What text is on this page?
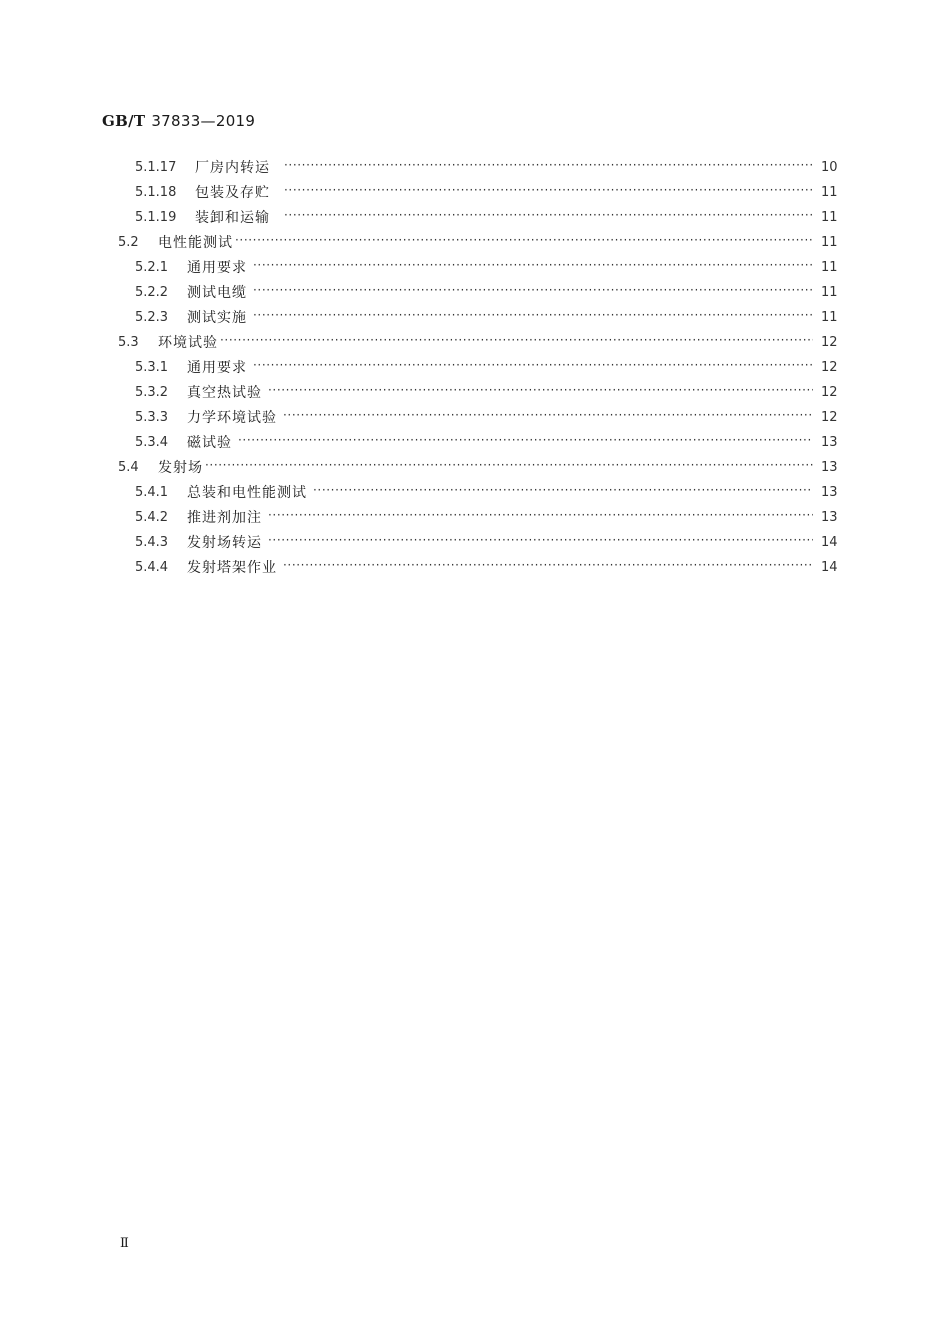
GB/T 37833—2019
5.1.17	厂房内转运 ·····	10
5.1.18	包装及存贮 ·····	11
5.1.19	装卸和运输 ·····	11
5.2	电性能测试 ·····	11
5.2.1	通用要求 ·····	11
5.2.2	测试电缆 ·····	11
5.2.3	测试实施 ·····	11
5.3	环境试验 ·····	12
5.3.1	通用要求 ·····	12
5.3.2	真空热试验 ·····	12
5.3.3	力学环境试验 ·····	12
5.3.4	磁试验 ·····	13
5.4	发射场 ·····	13
5.4.1	总装和电性能测试 ·····	13
5.4.2	推进剂加注 ·····	13
5.4.3	发射场转运 ·····	14
5.4.4	发射塔架作业 ·····	14
Ⅱ
